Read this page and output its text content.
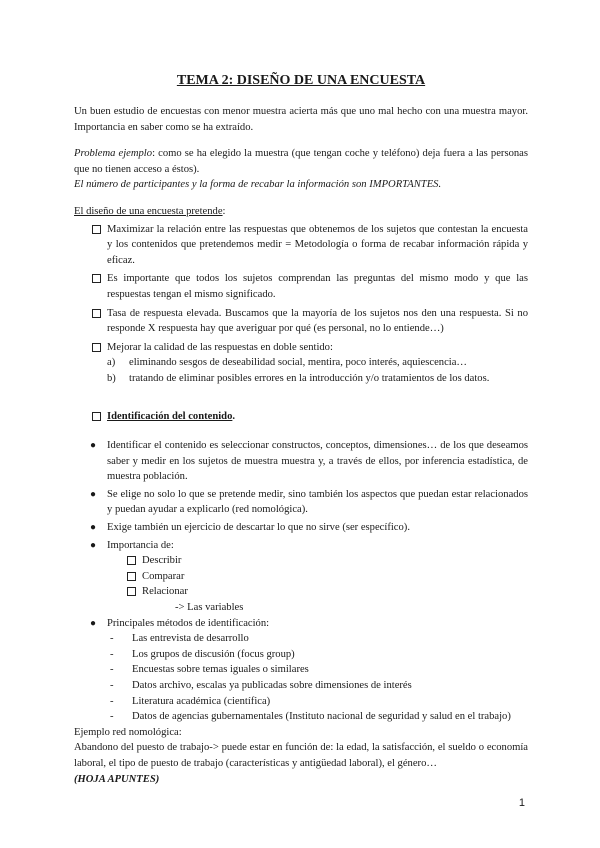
TEMA 2: DISEÑO DE UNA ENCUESTA

Un buen estudio de encuestas con menor muestra acierta más que uno mal hecho con una muestra mayor. Importancia en saber como se ha extraído.

Problema ejemplo: como se ha elegido la muestra (que tengan coche y teléfono) deja fuera a las personas que no tienen acceso a éstos).

El número de participantes y la forma de recabar la información son IMPORTANTES.

El diseño de una encuesta pretende:

Maximizar la relación entre las respuestas que obtenemos de los sujetos que contestan la encuesta y los contenidos que pretendemos medir = Metodología o forma de recabar información rápida y eficaz.
Es importante que todos los sujetos comprendan las preguntas del mismo modo y que las respuestas tengan el mismo significado.
Tasa de respuesta elevada. Buscamos que la mayoría de los sujetos nos den una respuesta. Si no responde X respuesta hay que averiguar por qué (es personal, no lo entiende…)
Mejorar la calidad de las respuestas en doble sentido:
a)	eliminando sesgos de deseabilidad social, mentira, poco interés, aquiescencia…
b)	tratando de eliminar posibles errores en la introducción y/o tratamientos de los datos.
Identificación del contenido.
●	Identificar el contenido es seleccionar constructos, conceptos, dimensiones… de los que deseamos saber y medir en los sujetos de muestra muestra y, a través de ellos, por inferencia estadística, de muestra población.
●	Se elige no solo lo que se pretende medir, sino también los aspectos que puedan estar relacionados y puedan ayudar a explicarlo (red nomológica).
●	Exige también un ejercicio de descartar lo que no sirve (ser específico).
●	Importancia de:
Describir
Comparar
Relacionar
-> Las variables
●	Principales métodos de identificación:
-	Las entrevista de desarrollo
-	Los grupos de discusión (focus group)
-	Encuestas sobre temas iguales o similares
-	Datos archivo, escalas ya publicadas sobre dimensiones de interés
-	Literatura académica (científica)
-	Datos de agencias gubernamentales (Instituto nacional de seguridad y salud en el trabajo)

Ejemplo red nomológica:

Abandono del puesto de trabajo-> puede estar en función de: la edad, la satisfacción, el sueldo o economía laboral, el tipo de puesto de trabajo (características y antigüedad laboral), el género…

(HOJA APUNTES)

1
